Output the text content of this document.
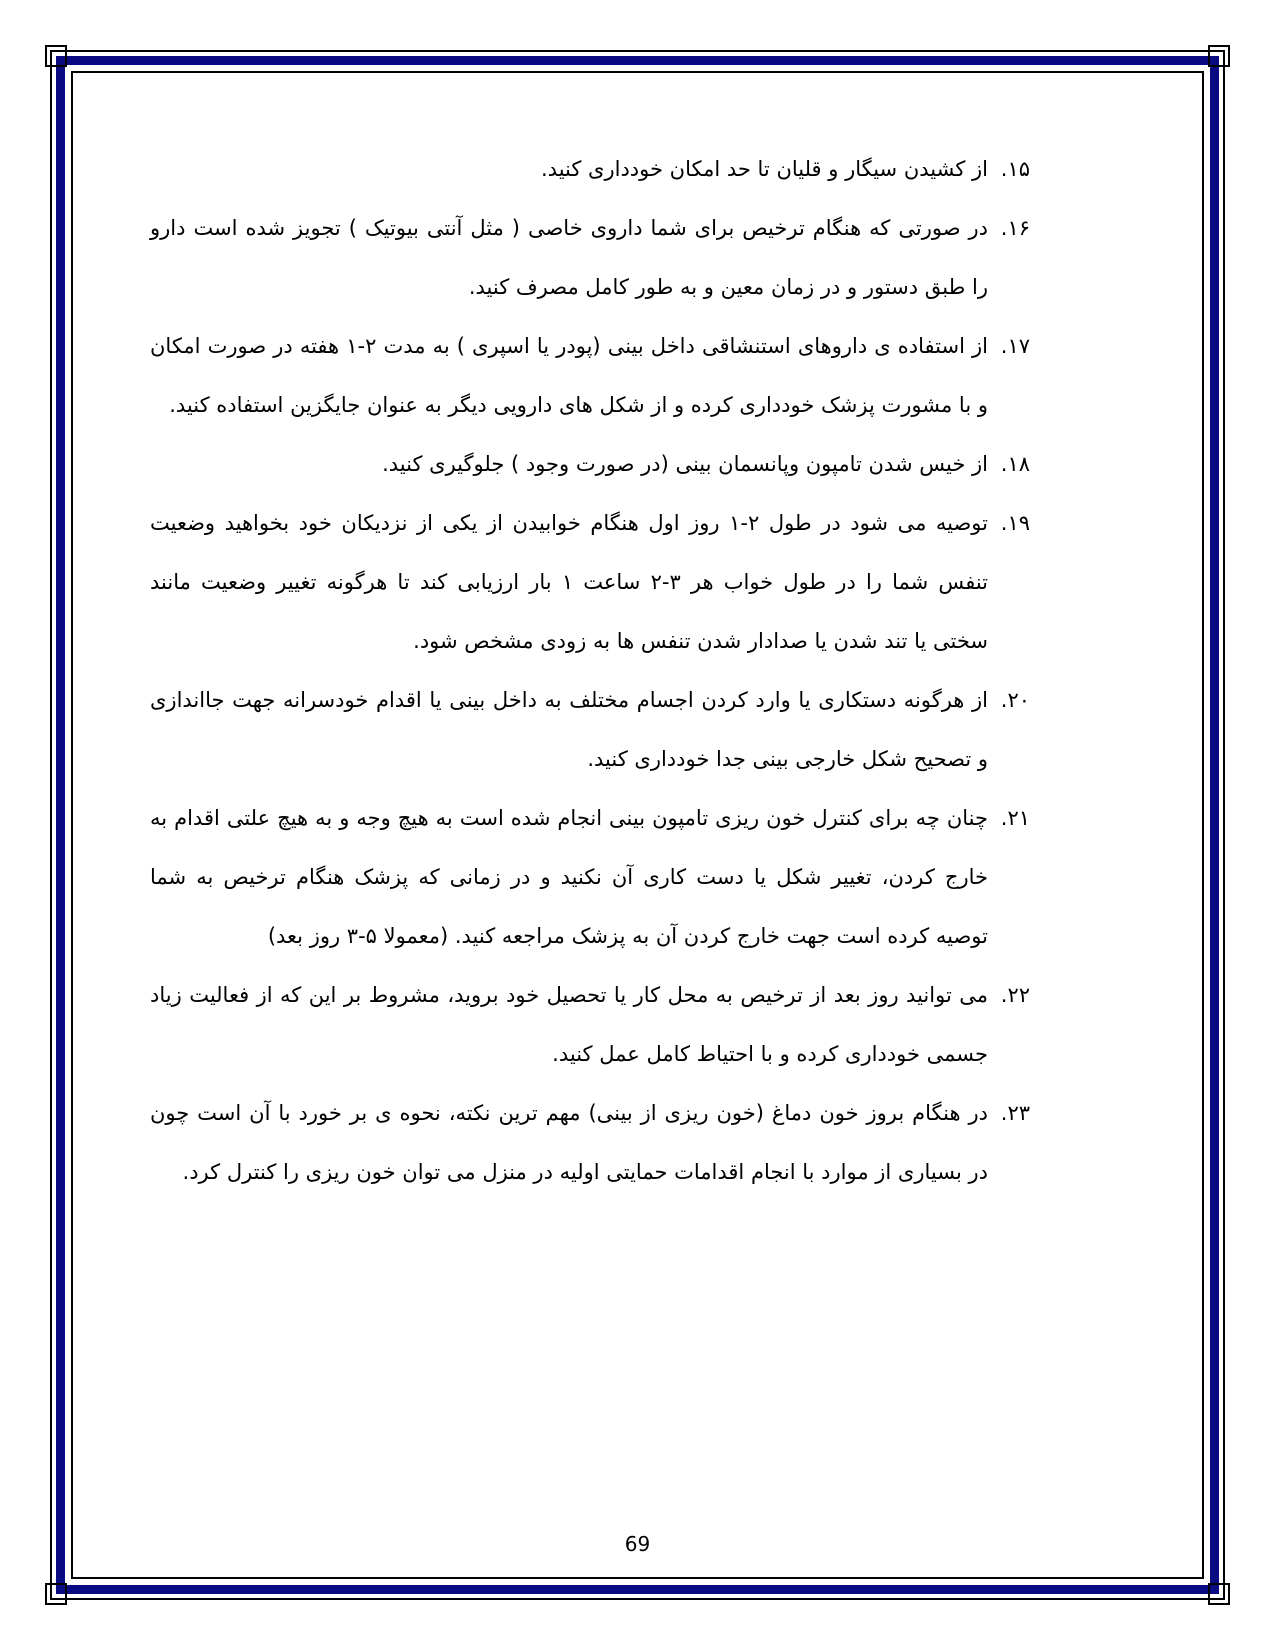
۱۵.
از کشیدن سیگار و قلیان تا حد امکان خودداری کنید.
۱۶.
در صورتی که هنگام ترخیص برای شما داروی خاصی ( مثل آنتی بیوتیک ) تجویز شده است دارو را طبق دستور و در زمان معین و به طور کامل مصرف کنید.
۱۷.
از استفاده ی داروهای استنشاقی داخل بینی (پودر یا اسپری ) به مدت ۲-۱ هفته در صورت امکان و با مشورت پزشک خودداری کرده و از شکل های دارویی دیگر به عنوان جایگزین استفاده کنید.
۱۸.
از خیس شدن تامپون وپانسمان بینی (در صورت وجود ) جلوگیری کنید.
۱۹.
توصیه می شود در طول ۲-۱ روز اول هنگام خوابیدن از یکی از نزدیکان خود بخواهید وضعیت تنفس شما را در طول خواب هر ۳-۲ ساعت ۱ بار ارزیابی کند تا هرگونه تغییر وضعیت مانند سختی یا تند شدن یا صدادار شدن تنفس ها به زودی مشخص شود.
۲۰.
از هرگونه دستکاری یا وارد کردن اجسام مختلف به داخل بینی یا اقدام خودسرانه جهت جااندازی و تصحیح شکل خارجی بینی جدا خودداری کنید.
۲۱.
چنان چه برای کنترل خون ریزی تامپون بینی انجام شده است به هیچ وجه و به هیچ علتی اقدام به خارج کردن، تغییر شکل یا دست کاری آن نکنید و در زمانی که پزشک هنگام ترخیص به شما توصیه کرده است جهت خارج کردن آن به پزشک مراجعه کنید. (معمولا ۵-۳ روز بعد)
۲۲.
می توانید روز بعد از ترخیص به محل کار یا تحصیل خود بروید، مشروط بر این که از فعالیت زیاد جسمی خودداری کرده و با احتیاط کامل عمل کنید.
۲۳.
در هنگام بروز خون دماغ (خون ریزی از بینی) مهم ترین نکته، نحوه ی بر خورد با آن است چون در بسیاری از موارد با انجام اقدامات حمایتی اولیه در منزل می توان خون ریزی را کنترل کرد.
69
